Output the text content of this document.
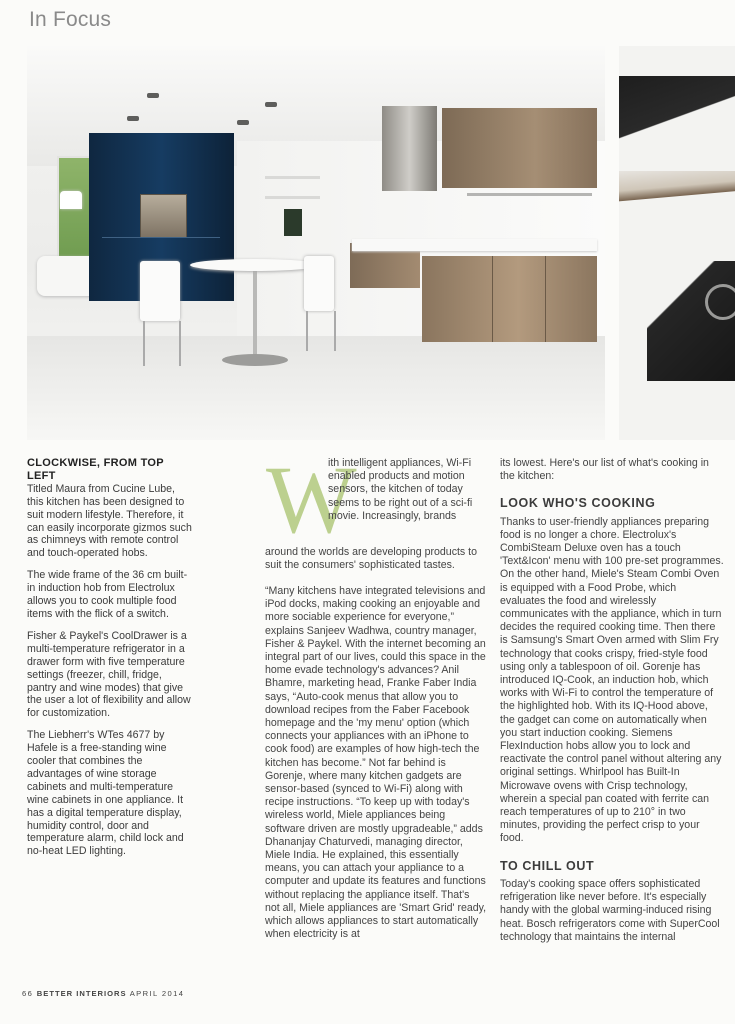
In Focus
CLOCKWISE, FROM TOP LEFT

Titled Maura from Cucine Lube, this kitchen has been designed to suit modern lifestyle. Therefore, it can easily incorporate gizmos such as chimneys with remote control and touch-operated hobs.

The wide frame of the 36 cm built-in induction hob from Electrolux allows you to cook multiple food items with the flick of a switch.

Fisher & Paykel's CoolDrawer is a multi-temperature refrigerator in a drawer form with five temperature settings (freezer, chill, fridge, pantry and wine modes) that give the user a lot of flexibility and allow for customization.

The Liebherr's WTes 4677 by Hafele is a free-standing wine cooler that combines the advantages of wine storage cabinets and multi-temperature wine cabinets in one appliance. It has a digital temperature display, humidity control, door and temperature alarm, child lock and no-heat LED lighting.

W
ith intelligent appliances, Wi-Fi enabled products and motion sensors, the kitchen of today seems to be right out of a sci-fi movie. Increasingly, brands
around the worlds are developing products to suit the consumers' sophisticated tastes.

“Many kitchens have integrated televisions and iPod docks, making cooking an enjoyable and more sociable experience for everyone,” explains Sanjeev Wadhwa, country manager, Fisher & Paykel. With the internet becoming an integral part of our lives, could this space in the home evade technology's advances? Anil Bhamre, marketing head, Franke Faber India says, “Auto-cook menus that allow you to download recipes from the Faber Facebook homepage and the 'my menu' option (which connects your appliances with an iPhone to cook food) are examples of how high-tech the kitchen has become.” Not far behind is Gorenje, where many kitchen gadgets are sensor-based (synced to Wi-Fi) along with recipe instructions. “To keep up with today's wireless world, Miele appliances being software driven are mostly upgradeable,” adds Dhananjay Chaturvedi, managing director, Miele India. He explained, this essentially means, you can attach your appliance to a computer and update its features and functions without replacing the appliance itself. That's not all, Miele appliances are 'Smart Grid' ready, which allows appliances to start automatically when electricity is at

its lowest. Here's our list of what's cooking in the kitchen:

LOOK WHO'S COOKING

Thanks to user-friendly appliances preparing food is no longer a chore. Electrolux's CombiSteam Deluxe oven has a touch 'Text&Icon' menu with 100 pre-set programmes. On the other hand, Miele's Steam Combi Oven is equipped with a Food Probe, which evaluates the food and wirelessly communicates with the appliance, which in turn decides the required cooking time. Then there is Samsung's Smart Oven armed with Slim Fry technology that cooks crispy, fried-style food using only a tablespoon of oil. Gorenje has introduced IQ-Cook, an induction hob, which works with Wi-Fi to control the temperature of the highlighted hob. With its IQ-Hood above, the gadget can come on automatically when you start induction cooking. Siemens FlexInduction hobs allow you to lock and reactivate the control panel without altering any original settings. Whirlpool has Built-In Microwave ovens with Crisp technology, wherein a special pan coated with ferrite can reach temperatures of up to 210° in two minutes, providing the perfect crisp to your food.

TO CHILL OUT

Today's cooking space offers sophisticated refrigeration like never before. It's especially handy with the global warming-induced rising heat. Bosch refrigerators come with SuperCool technology that maintains the internal

66 BETTER INTERIORS APRIL 2014
